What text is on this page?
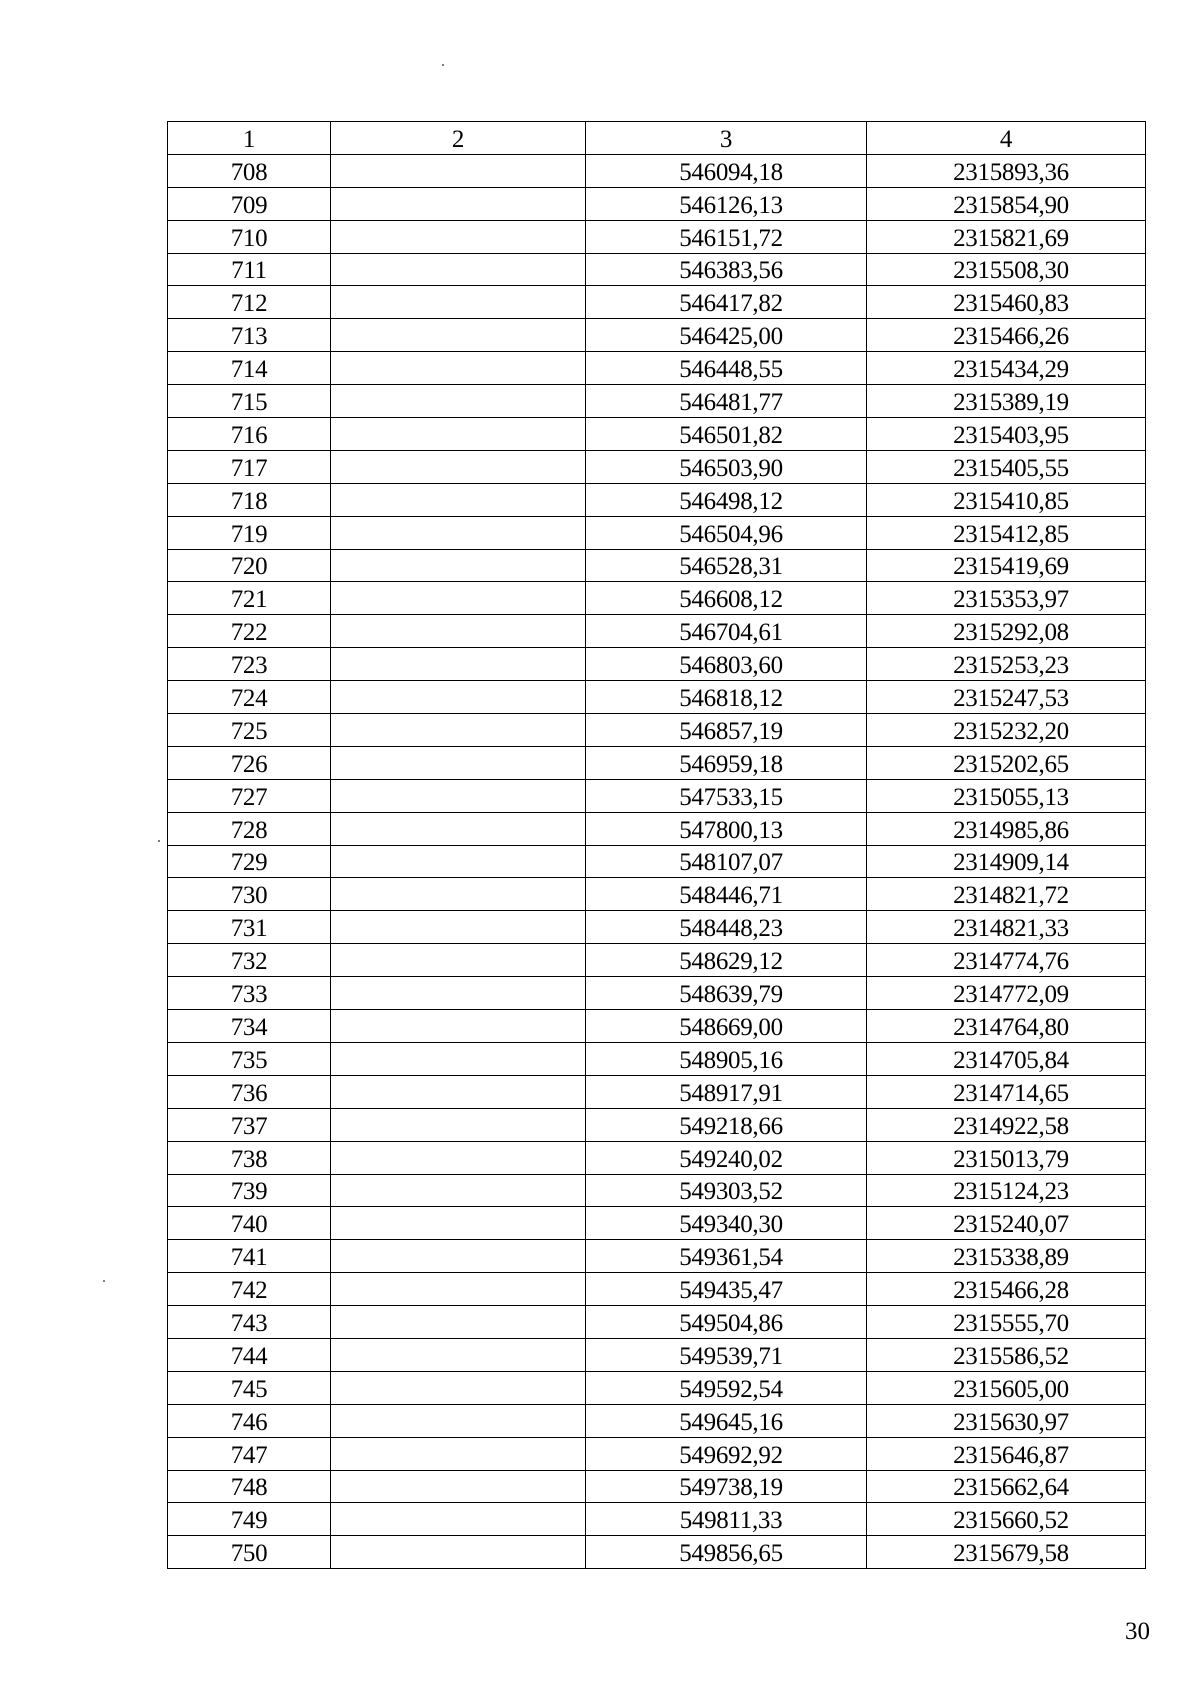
1	2	3	4
708		546094,18	2315893,36
709		546126,13	2315854,90
710		546151,72	2315821,69
711		546383,56	2315508,30
712		546417,82	2315460,83
713		546425,00	2315466,26
714		546448,55	2315434,29
715		546481,77	2315389,19
716		546501,82	2315403,95
717		546503,90	2315405,55
718		546498,12	2315410,85
719		546504,96	2315412,85
720		546528,31	2315419,69
721		546608,12	2315353,97
722		546704,61	2315292,08
723		546803,60	2315253,23
724		546818,12	2315247,53
725		546857,19	2315232,20
726		546959,18	2315202,65
727		547533,15	2315055,13
728		547800,13	2314985,86
729		548107,07	2314909,14
730		548446,71	2314821,72
731		548448,23	2314821,33
732		548629,12	2314774,76
733		548639,79	2314772,09
734		548669,00	2314764,80
735		548905,16	2314705,84
736		548917,91	2314714,65
737		549218,66	2314922,58
738		549240,02	2315013,79
739		549303,52	2315124,23
740		549340,30	2315240,07
741		549361,54	2315338,89
742		549435,47	2315466,28
743		549504,86	2315555,70
744		549539,71	2315586,52
745		549592,54	2315605,00
746		549645,16	2315630,97
747		549692,92	2315646,87
748		549738,19	2315662,64
749		549811,33	2315660,52
750		549856,65	2315679,58
30
